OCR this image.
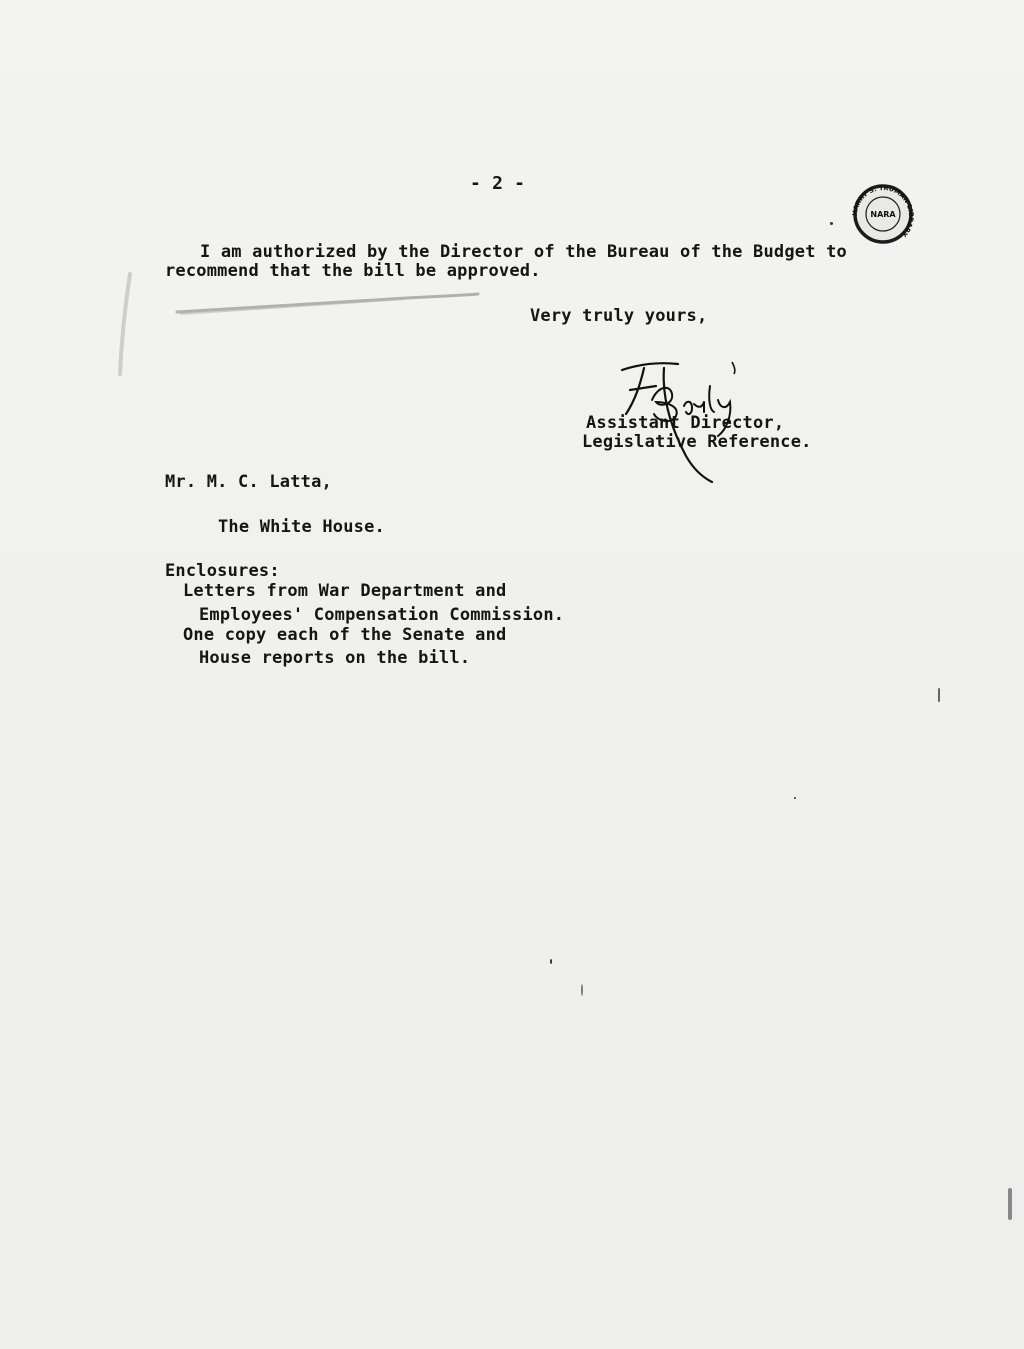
- 2 -
I am authorized by the Director of the Bureau of the Budget to
recommend that the bill be approved.
Very truly yours,
Assistant Director,
Legislative Reference.
Mr. M. C. Latta,
The White House.
Enclosures:
Letters from War Department and
Employees' Compensation Commission.
One copy each of the Senate and
House reports on the bill.
HARRY S. TRUMAN LIBRARY
NARA
FJBailey
